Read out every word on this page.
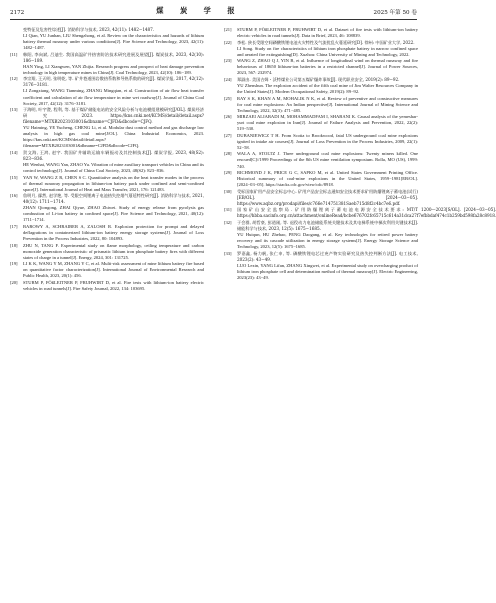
2172	煤 炭 学 报	2025 年第 50 卷
变特征及危害性综述[J]. 消防科学与技术, 2023, 42(11): 1482−1487.
LI Qian, YU Junhan, LIU Shengzhong, et al. Review on the characteristics and hazards of lithium battery thermal runaway under various conditions[J]. Fire Science and Technology, 2023, 42(11): 1482−1487.
[11]	韩阳, 李向斌, 吕迪生. 我国高温矿井热害防治技术研究进展及展望[J]. 煤炭技术, 2023, 42(10): 186−189.
HAN Ying, LI Xiangwen, YAN Zhijia. Research progress and prospect of heat damage prevention technology in high temperature mines in China[J]. Coal Technology, 2023, 42(10): 186−189.
[12]	李宗翔, 王天明, 张明乾, 等. 矿井巷道围岩散热系数和导热系数的研究[J]. 煤炭学报, 2017, 42(12): 3176−3181.
LI Zongxiang, WANG Tianming, ZHANG Mingqian, et al. Construction of air flow heat transfer coefficient and calculation of air flow temperature in mine wet roadway[J]. Journal of China Coal Society, 2017, 42(12): 3176−3181.
[13]	于海明, 叶宇澄, 程利, 等. 基于煤矿储能电站的安全风险分析与电池模组建模研究[J/OL]. 煤炭经济研究. 2023. https://kns.cnki.net/KCMS/detail/detail.aspx?filename=MTXB2023103001&dbname=CJFD&dbcode=CJFQ.
YU Haiming, YE Yucheng, CHENG Li, et al. Modular dust control method and gas discharge law analysis in high gas coal mine[J/OL]. China Industrial Economics, 2023. https://kns.cnki.net/KCMS/detail/detail.aspx?filename=MTXB2023103001&dbname=CJFD&dbcode=CJFQ.
[14]	贺文海, 王鸿, 赵宇. 我国矿井辅助运输车辆振动及其控制技术[J]. 煤炭学报, 2023, 48(S2): 823−836.
HE Wenhai, WANG Yan, ZHAO Yu. Vibration of mine auxiliary transport vehicles in China and its control technology[J]. Journal of China Coal Society, 2023, 48(S2): 823−836.
[15]	YAN W, WANG Z R, CHEN S C. Quantitative analysis on the heat transfer modes in the process of thermal runaway propagation in lithium-ion battery pack under confined and semi-confined space[J]. International Journal of Heat and Mass Transfer, 2021, 176: 121483.
[16]	詹明月, 鄢然, 赵学艳, 等. 受限空间锂离子电池热失控烟气蔓延特性研究[J]. 消防科学与技术, 2021, 40(12): 1711−1714.
ZHAN Qiongong, ZHAI Qiyue, ZHAO Zhiwei. Study of energy release from pyrolysis gas combustion of Li-ion battery in confined space[J]. Fire Science and Technology, 2021, 40(12): 1711−1714.
[17]	BAROWY A, SCHRAIBER A, ZALOSH R. Explosion protection for prompt and delayed deflagrations in containerized lithium-ion battery energy storage systems[J]. Journal of Loss Prevention in the Process Industries, 2022, 80: 104893.
[18]	ZHU N, TANG F. Experimental study on flame morphology, ceiling temperature and carbon monoxide generation characteristic of prismatic lithium iron phosphate battery fires with different states of charge in a tunnel[J]. Energy, 2024, 301: 131725.
[19]	LI K K, WANG Y M, ZHANG Y C, et al. Multi-risk assessment of mine lithium battery fire based on quantitative factor characterization[J]. International Journal of Environmental Research and Public Health, 2023, 20(1): 456.
[20]	STURM P, FÖßLEITNER P, FRUHWIRT D, et al. Fire tests with lithium-ion battery electric vehicles in road tunnels[J]. Fire Safety Journal, 2022, 134: 103695.
[21]	STURM P, FÖßLEITNER P, FRUHWIRT D, et al. Dataset of fire tests with lithium-ion battery electric vehicles in road tunnels[J]. Data in Brief, 2023, 46: 108839.
[22]	李松. 狭长受限空间磷酸铁锂电池火灾特性及气流扰乱火蔓延研究[D]. 徐州: 中国矿业大学, 2022.
LI Song. Study on fire characteristics of lithium iron phosphate battery in narrow confined space and aerated fire extinguishing[D]. Xuzhou: China University of Mining and Technology, 2022.
[23]	WANG Z, ZHAO Q J, YIN B, et al. Influence of longitudinal wind on thermal runaway and fire behaviours of 18650 lithium-ion batteries in a restricted channel[J]. Journal of Power Sources, 2023, 567: 232974.
[24]	郑淑由. 美国吉姆・沃特煤业公司第五煤矿爆炸事故[J]. 现代职业安全, 2019(2): 89−92.
YU Zhenshun. The explosion accident of the fifth coal mine of Jim Walter Resources Company in the United States[J]. Modern Occupational Safety, 2019(2): 89−92.
[25]	RAY S K, KHAN A M, MOHALIK N K, et al. Review of preventive and constructive measures for coal mine explosions: An Indian perspective[J]. International Journal of Mining Science and Technology, 2022, 32(3): 471−485.
[26]	MIRZAEI ALIABADI M, MOHAMMADFAM I, SHABANI K. Causal analysis of the yemeshar-yurt coal mine explosion in Iran[J]. Journal of Failure Analysis and Prevention, 2022, 22(2): 519−530.
[27]	DUBANIEWICZ T H. From Scotia to Brookwood, fatal US underground coal mine explosions ignited in intake air courses[J]. Journal of Loss Prevention in the Process Industries, 2009, 22(1): 52−58.
[28]	WALA A, STOLTZ J. Three underground coal mine explosions: Twenty miners killed. One rescued[C]//1999 Proceedings of the 8th US mine ventilation symposium. Rolla, MO (US), 1999: 740.
[29]	RICHMOND J K, PRICE G C, SAPKO M, et al. United States Government Printing Office. Historical summary of coal-mine explosions in the United States, 1959−1981[EB/OL]. [2024−03−05]. https://stacks.cdc.gov/view/cdc/8918.
[30]	受标国家矿用产品安全标志中心. 矿用产品安全标志通知安全技术要求矿用防爆锂离子蓄电池(试行)[EB/OL]. [2024−03−05]. https://www.aqbz.org/prodapi/files/c766e714751381Saeb715d8f2c4bc7e6.pdf.
[31]	国家矿山安全监察局. 矿用防爆锂离子蓄电池电源安全技术要求: MT/T 1200—2023[S/OL]. [2024−03−05]. https://hbba.sacinfo.org.cn/attachment/onlineRead/bcbe676702fc65715c614a31dca27f7efbbdaf474c1b259bd598fa28c8918.
[32]	于会群, 胡哲豪, 彭道刚, 等. 退役动力电池储能系统关键技术及其电梯系统中梯次利用关键技术[J]. 储能科学与技术, 2023, 12(5): 1675−1685.
YU Huiqun, HU Zhehao, PENG Daogang, et al. Key technologies for retired power battery recovery and its cascade utilization in energy storage systems[J]. Energy Storage Science and Technology, 2023, 12(5): 1675−1685.
[33]	罗嘉鑫, 杨力帆, 张仁申, 等. 磷酸铁锂电芯过充产物实验研究及热失控判断方法[J]. 电工技术, 2023(2): 43−49.
LUO Lexin, YANG Lifan, ZHANG Xingwei, et al. Experimental study on overcharging product of lithium iron phosphate cell and determination method of thermal runaway[J]. Electric Engineering, 2023(23): 43−49.
